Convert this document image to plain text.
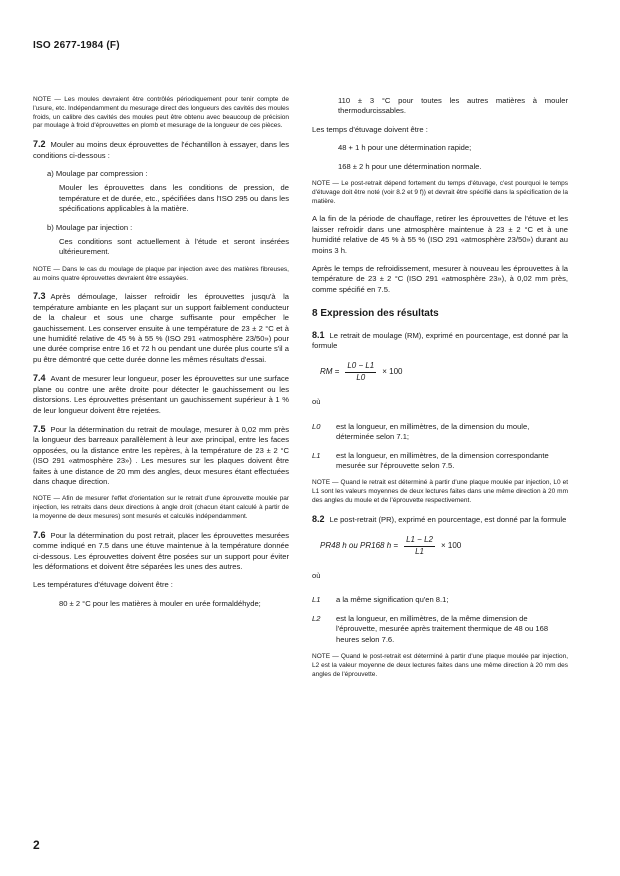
ISO 2677-1984 (F)

NOTE — Les moules devraient être contrôlés périodiquement pour tenir compte de l'usure, etc. Indépendamment du mesurage direct des longueurs des cavités des moules froids, un calibre des cavités des moules peut être obtenu avec beaucoup de précision par moulage à froid d'éprouvettes en plomb et mesurage de la longueur de ces pièces.

7.2 Mouler au moins deux éprouvettes de l'échantillon à essayer, dans les conditions ci-dessous :

a) Moulage par compression :

Mouler les éprouvettes dans les conditions de pression, de température et de durée, etc., spécifiées dans l'ISO 295 ou dans les spécifications applicables à la matière.

b) Moulage par injection :

Ces conditions sont actuellement à l'étude et seront insérées ultérieurement.

NOTE — Dans le cas du moulage de plaque par injection avec des matières fibreuses, au moins quatre éprouvettes devraient être essayées.

7.3 Après démoulage, laisser refroidir les éprouvettes jusqu'à la température ambiante en les plaçant sur un support faiblement conducteur de la chaleur et sous une charge suffisante pour empêcher le gauchissement. Les conserver ensuite à une température de 23 ± 2 °C et à une humidité relative de 45 % à 55 % (ISO 291 «atmosphère 23/50») pour une durée comprise entre 16 et 72 h ou pendant une durée plus courte s'il a pu être démontré que cette durée donne les mêmes résultats d'essai.

7.4 Avant de mesurer leur longueur, poser les éprouvettes sur une surface plane ou contre une arête droite pour détecter le gauchissement ou les distorsions. Les éprouvettes présentant un gauchissement supérieur à 1 % de leur longueur doivent être rejetées.

7.5 Pour la détermination du retrait de moulage, mesurer à 0,02 mm près la longueur des barreaux parallèlement à leur axe principal, entre les faces opposées, ou la distance entre les repères, à la température de 23 ± 2 °C (ISO 291 «atmosphère 23») . Les mesures sur les plaques doivent être faites à une distance de 20 mm des angles, deux mesures étant effectuées dans chaque direction.

NOTE — Afin de mesurer l'effet d'orientation sur le retrait d'une éprouvette moulée par injection, les retraits dans deux directions à angle droit (chacun étant calculé à partir de la moyenne de deux mesures) sont mesurés et calculés indépendamment.

7.6 Pour la détermination du post retrait, placer les éprouvettes mesurées comme indiqué en 7.5 dans une étuve maintenue à la température donnée ci-dessous. Les éprouvettes doivent être posées sur un support pour éviter les déformations et doivent être séparées les unes des autres.

Les températures d'étuvage doivent être :

80 ± 2 °C pour les matières à mouler en urée formaldéhyde;

110 ± 3 °C pour toutes les autres matières à mouler thermodurcissables.

Les temps d'étuvage doivent être :

48 + 1 h pour une détermination rapide;

168 ± 2 h pour une détermination normale.

NOTE — Le post-retrait dépend fortement du temps d'étuvage, c'est pourquoi le temps d'étuvage doit être noté (voir 8.2 et 9 f)) et devrait être spécifié dans la spécification de la matière.

A la fin de la période de chauffage, retirer les éprouvettes de l'étuve et les laisser refroidir dans une atmosphère maintenue à 23 ± 2 °C et à une humidité relative de 45 % à 55 % (ISO 291 «atmosphère 23/50») durant au moins 3 h.

Après le temps de refroidissement, mesurer à nouveau les éprouvettes à la température de 23 ± 2 °C (ISO 291 «atmosphère 23»), à 0,02 mm près, comme spécifié en 7.5.

8 Expression des résultats

8.1 Le retrait de moulage (RM), exprimé en pourcentage, est donné par la formule

RM = $\frac{L0 - L1}{L0} \times 100$
où
L0	est la longueur, en millimètres, de la dimension du moule, déterminée selon 7.1;
L1	est la longueur, en millimètres, de la dimension correspondante mesurée sur l'éprouvette selon 7.5.

NOTE — Quand le retrait est déterminé à partir d'une plaque moulée par injection, L0 et L1 sont les valeurs moyennes de deux lectures faites dans une même direction à 20 mm des angles du moule et de l'éprouvette respectivement.

8.2 Le post-retrait (PR), exprimé en pourcentage, est donné par la formule

PR48 h ou PR168 $h = \frac{L1 - L2}{L1} \times 100$
où
L1	a la même signification qu'en 8.1;
L2	est la longueur, en millimètres, de la même dimension de l'éprouvette, mesurée après traitement thermique de 48 ou 168 heures selon 7.6.

NOTE — Quand le post-retrait est déterminé à partir d'une plaque moulée par injection, L2 est la valeur moyenne de deux lectures faites dans une même direction à 20 mm des angles de l'éprouvette.

2
